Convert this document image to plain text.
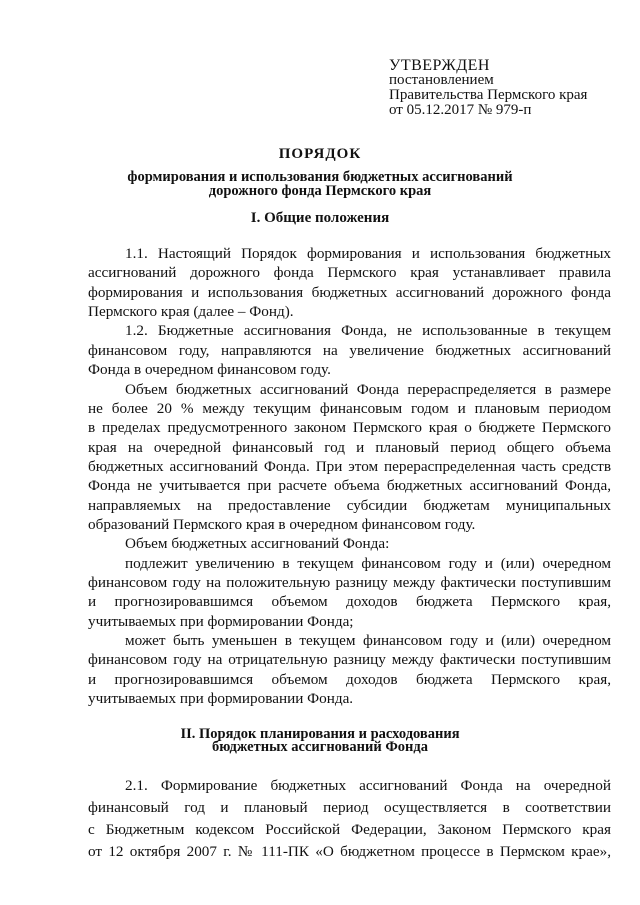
УТВЕРЖДЕН
постановлением
Правительства Пермского края
от 05.12.2017 № 979-п
ПОРЯДОК
формирования и использования бюджетных ассигнований
дорожного фонда Пермского края
I. Общие положения
1.1. Настоящий Порядок формирования и использования бюджетных
ассигнований дорожного фонда Пермского края устанавливает правила
формирования и использования бюджетных ассигнований дорожного фонда
Пермского края (далее – Фонд).
1.2. Бюджетные ассигнования Фонда, не использованные в текущем
финансовом году, направляются на увеличение бюджетных ассигнований
Фонда в очередном финансовом году.
Объем бюджетных ассигнований Фонда перераспределяется в размере
не более 20 % между текущим финансовым годом и плановым периодом
в пределах предусмотренного законом Пермского края о бюджете Пермского
края на очередной финансовый год и плановый период общего объема
бюджетных ассигнований Фонда. При этом перераспределенная часть средств
Фонда не учитывается при расчете объема бюджетных ассигнований Фонда,
направляемых на предоставление субсидии бюджетам муниципальных
образований Пермского края в очередном финансовом году.
Объем бюджетных ассигнований Фонда:
подлежит увеличению в текущем финансовом году и (или) очередном
финансовом году на положительную разницу между фактически поступившим
и прогнозировавшимся объемом доходов бюджета Пермского края,
учитываемых при формировании Фонда;
может быть уменьшен в текущем финансовом году и (или) очередном
финансовом году на отрицательную разницу между фактически поступившим
и прогнозировавшимся объемом доходов бюджета Пермского края,
учитываемых при формировании Фонда.
II. Порядок планирования и расходования
бюджетных ассигнований Фонда
2.1. Формирование бюджетных ассигнований Фонда на очередной
финансовый год и плановый период осуществляется в соответствии
с Бюджетным кодексом Российской Федерации, Законом Пермского края
от 12 октября 2007 г. № 111-ПК «О бюджетном процессе в Пермском крае»,
